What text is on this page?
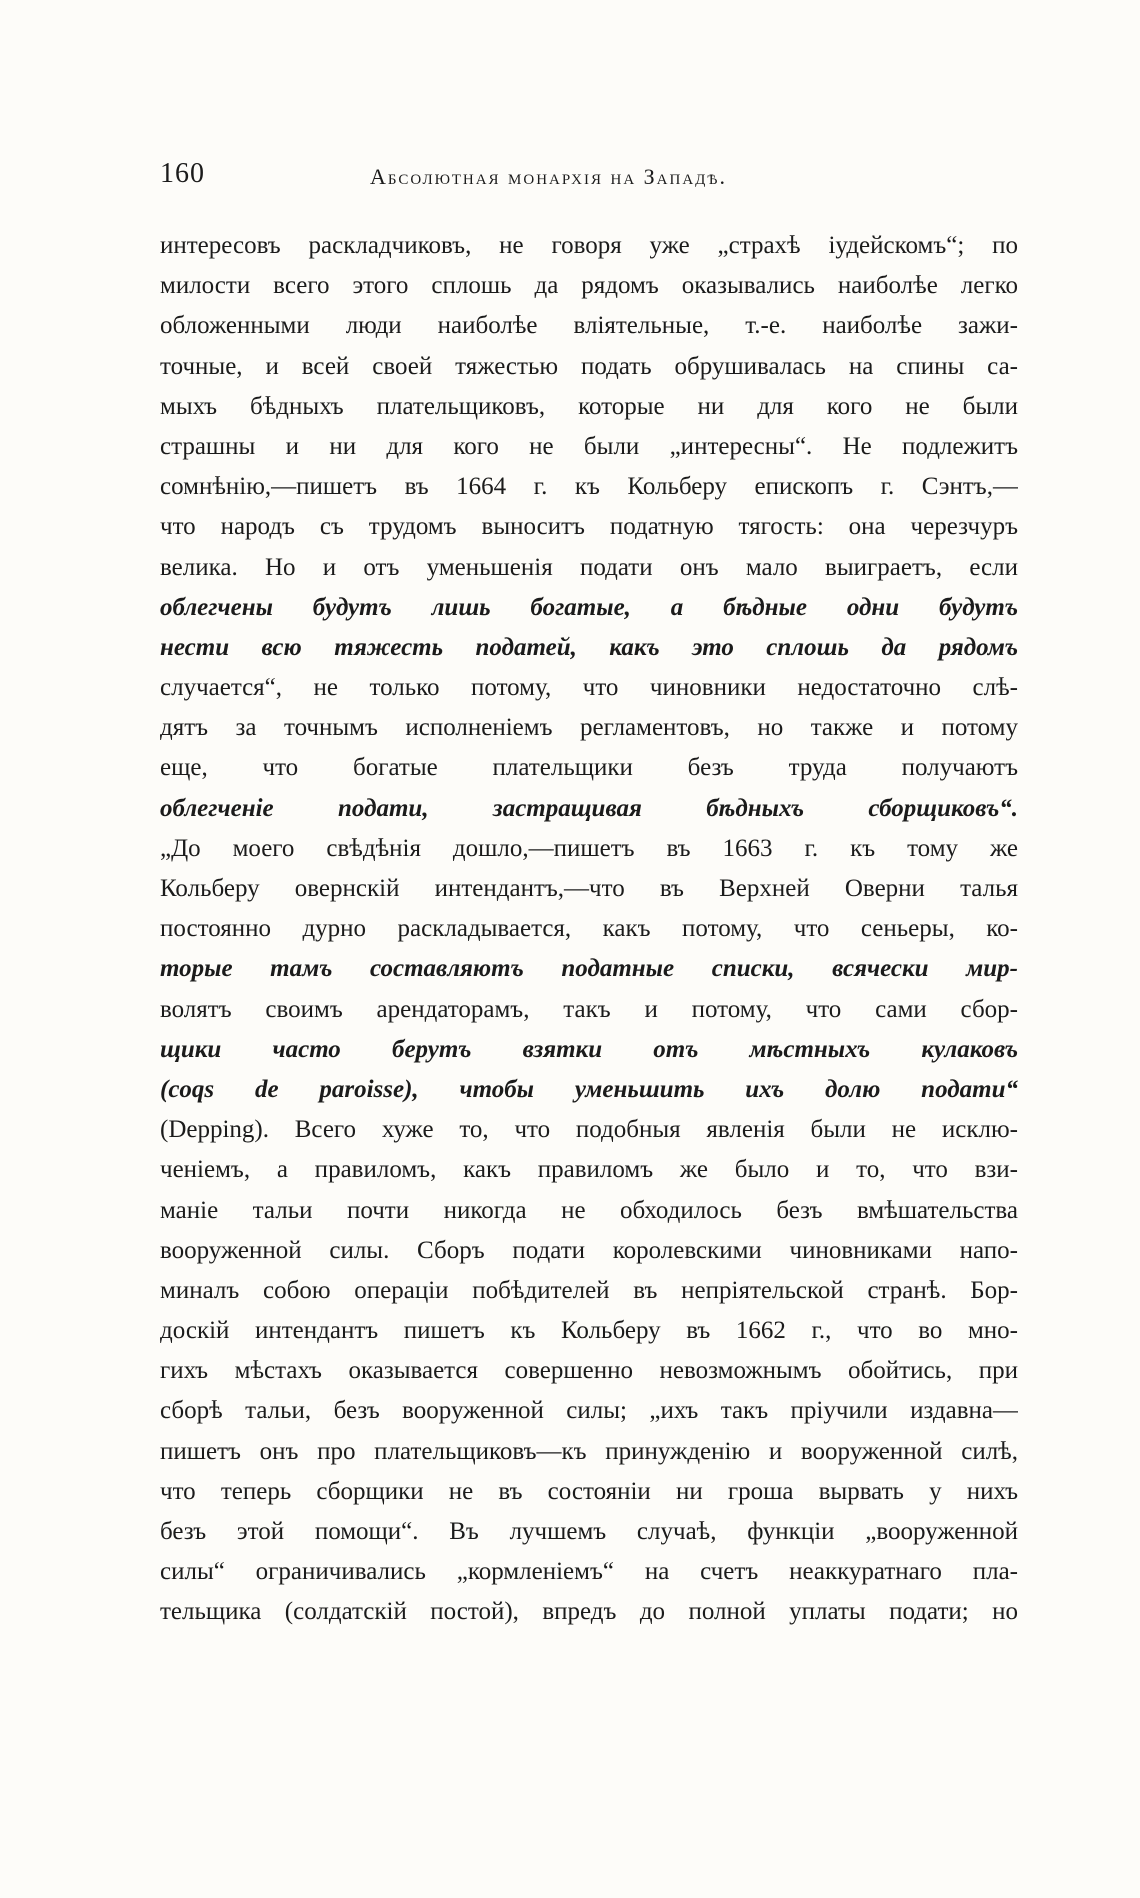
160	Абсолютная монархія на Западѣ.
интересовъ раскладчиковъ, не говоря уже „страхѣ іудейскомъ“; по
милости всего этого сплошь да рядомъ оказывались наиболѣе легко
обложенными люди наиболѣе вліятельные, т.-е. наиболѣе зажи-
точные, и всей своей тяжестью подать обрушивалась на спины са-
мыхъ бѣдныхъ плательщиковъ, которые ни для кого не были
страшны и ни для кого не были „интересны“. Не подлежитъ
сомнѣнію,—пишетъ въ 1664 г. къ Кольберу епископъ г. Сэнтъ,—
что народъ съ трудомъ выноситъ податную тягость: она черезчуръ
велика. Но и отъ уменьшенія подати онъ мало выиграетъ, если
облегчены будутъ лишь богатые, а бѣдные одни будутъ
нести всю тяжесть податей, какъ это сплошь да рядомъ
случается“, не только потому, что чиновники недостаточно слѣ-
дятъ за точнымъ исполненіемъ регламентовъ, но также и потому
еще, что богатые плательщики безъ труда получаютъ
облегченіе подати, застращивая бѣдныхъ сборщиковъ“.
„До моего свѣдѣнія дошло,—пишетъ въ 1663 г. къ тому же
Кольберу овернскій интендантъ,—что въ Верхней Оверни талья
постоянно дурно раскладывается, какъ потому, что сеньеры, ко-
торые тамъ составляютъ податные списки, всячески мир-
волятъ своимъ арендаторамъ, такъ и потому, что сами сбор-
щики часто берутъ взятки отъ мѣстныхъ кулаковъ
(coqs de paroisse), чтобы уменьшить ихъ долю подати“
(Depping). Всего хуже то, что подобныя явленія были не исклю-
ченіемъ, а правиломъ, какъ правиломъ же было и то, что взи-
маніе тальи почти никогда не обходилось безъ вмѣшательства
вооруженной силы. Сборъ подати королевскими чиновниками напо-
миналъ собою операціи побѣдителей въ непріятельской странѣ. Бор-
доскій интендантъ пишетъ къ Кольберу въ 1662 г., что во мно-
гихъ мѣстахъ оказывается совершенно невозможнымъ обойтись, при
сборѣ тальи, безъ вооруженной силы; „ихъ такъ пріучили издавна—
пишетъ онъ про плательщиковъ—къ принужденію и вооруженной силѣ,
что теперь сборщики не въ состояніи ни гроша вырвать у нихъ
безъ этой помощи“. Въ лучшемъ случаѣ, функціи „вооруженной
силы“ ограничивались „кормленіемъ“ на счетъ неаккуратнаго пла-
тельщика (солдатскій постой), впредъ до полной уплаты подати; но
